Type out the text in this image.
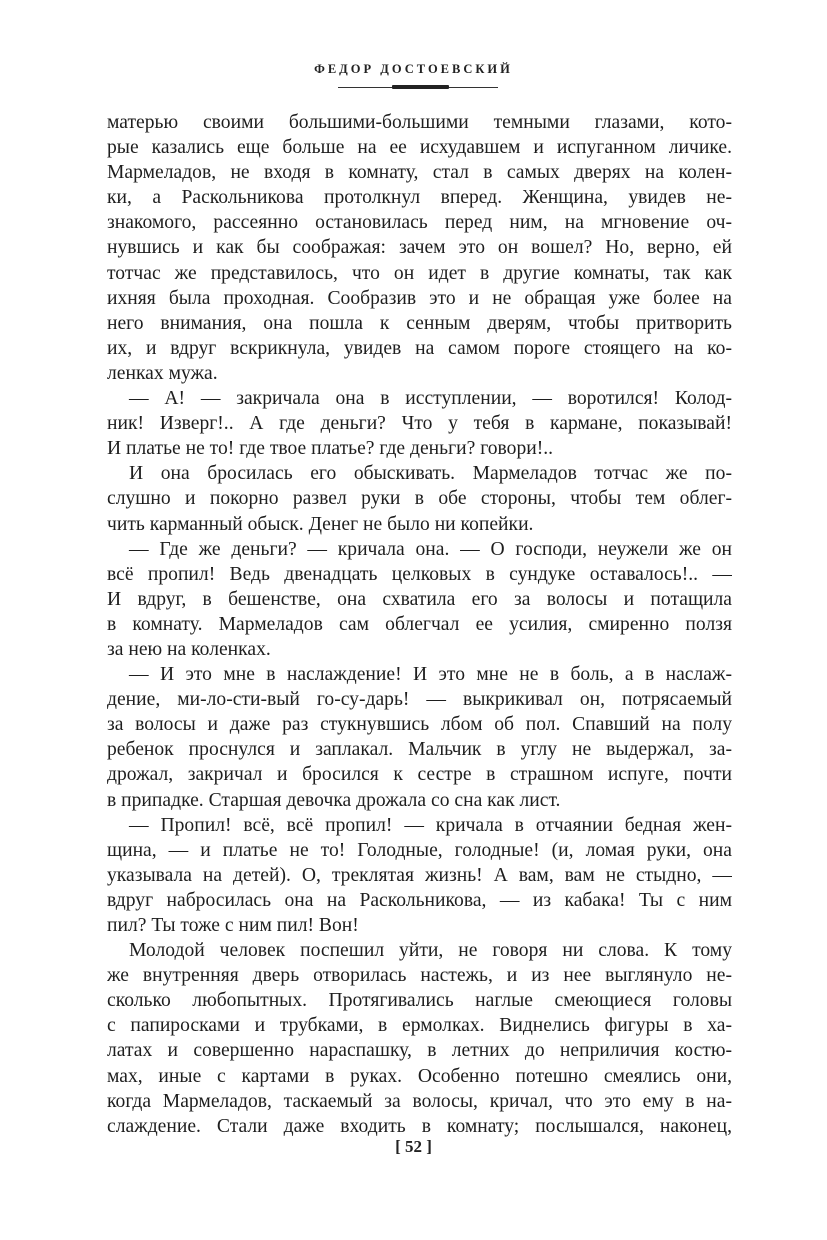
ФЕДОР ДОСТОЕВСКИЙ
матерью своими большими-большими темными глазами, кото-
рые казались еще больше на ее исхудавшем и испуганном личике.
Мармеладов, не входя в комнату, стал в самых дверях на колен-
ки, а Раскольникова протолкнул вперед. Женщина, увидев не-
знакомого, рассеянно остановилась перед ним, на мгновение оч-
нувшись и как бы соображая: зачем это он вошел? Но, верно, ей
тотчас же представилось, что он идет в другие комнаты, так как
ихняя была проходная. Сообразив это и не обращая уже более на
него внимания, она пошла к сенным дверям, чтобы притворить
их, и вдруг вскрикнула, увидев на самом пороге стоящего на ко-
ленках мужа.
— А! — закричала она в исступлении, — воротился! Колод-
ник! Изверг!.. А где деньги? Что у тебя в кармане, показывай!
И платье не то! где твое платье? где деньги? говори!..
И она бросилась его обыскивать. Мармеладов тотчас же по-
слушно и покорно развел руки в обе стороны, чтобы тем облег-
чить карманный обыск. Денег не было ни копейки.
— Где же деньги? — кричала она. — О господи, неужели же он
всё пропил! Ведь двенадцать целковых в сундуке оставалось!.. —
И вдруг, в бешенстве, она схватила его за волосы и потащила
в комнату. Мармеладов сам облегчал ее усилия, смиренно ползя
за нею на коленках.
— И это мне в наслаждение! И это мне не в боль, а в наслаж-
дение, ми-ло-сти-вый го-су-дарь! — выкрикивал он, потрясаемый
за волосы и даже раз стукнувшись лбом об пол. Спавший на полу
ребенок проснулся и заплакал. Мальчик в углу не выдержал, за-
дрожал, закричал и бросился к сестре в страшном испуге, почти
в припадке. Старшая девочка дрожала со сна как лист.
— Пропил! всё, всё пропил! — кричала в отчаянии бедная жен-
щина, — и платье не то! Голодные, голодные! (и, ломая руки, она
указывала на детей). О, треклятая жизнь! А вам, вам не стыдно, —
вдруг набросилась она на Раскольникова, — из кабака! Ты с ним
пил? Ты тоже с ним пил! Вон!
Молодой человек поспешил уйти, не говоря ни слова. К тому
же внутренняя дверь отворилась настежь, и из нее выглянуло не-
сколько любопытных. Протягивались наглые смеющиеся головы
с папиросками и трубками, в ермолках. Виднелись фигуры в ха-
латах и совершенно нараспашку, в летних до неприличия костю-
мах, иные с картами в руках. Особенно потешно смеялись они,
когда Мармеладов, таскаемый за волосы, кричал, что это ему в на-
слаждение. Стали даже входить в комнату; послышался, наконец,
[ 52 ]
